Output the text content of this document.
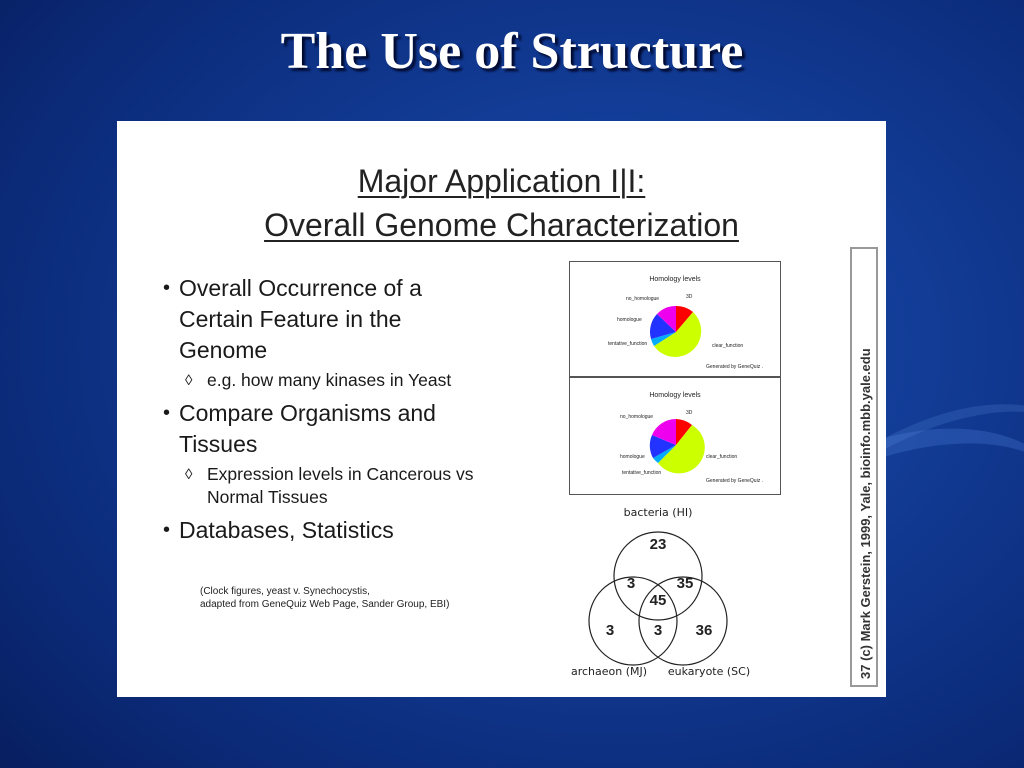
The Use of Structure
Major Application I|I:
Overall Genome Characterization
• Overall Occurrence of a
Certain Feature in the
Genome
◊ e.g. how many kinases in Yeast
• Compare Organisms and
Tissues
◊ Expression levels in Cancerous vs
Normal Tissues
• Databases, Statistics
(Clock figures, yeast v. Synechocystis,
adapted from GeneQuiz Web Page, Sander Group, EBI)
Homology levels
no_homologue	3D
homologue
tentative_function	clear_function
Generated by GeneQuiz .
Homology levels
no_homologue
3D
homologue
tentative_function
clear_function
Generated by GeneQuiz .
bacteria (HI)
23
3	35
45
3	3 36
archaeon (MJ) eukaryote (SC)	37 (c) Mark Gerstein, 1999, Yale, bioinfo.mbb.yale.edu
